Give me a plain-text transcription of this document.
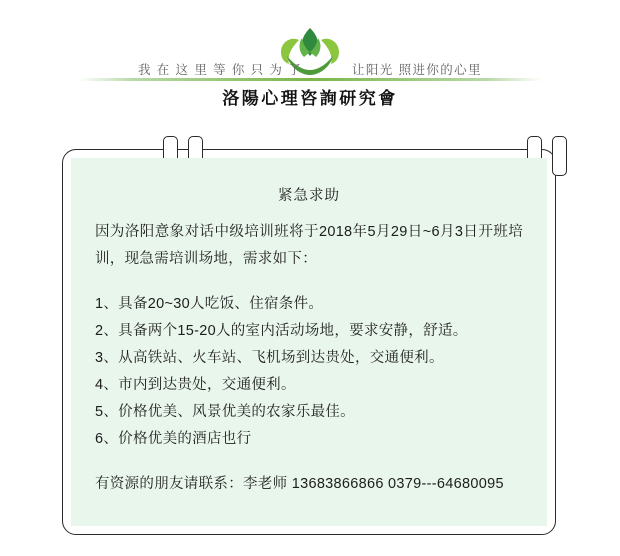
我 在 这 里 等 你 只 为 了	让阳光 照进你的心里
洛陽心理咨詢研究會

紧急求助

因为洛阳意象对话中级培训班将于2018年5月29日~6月3日开班培训，现急需培训场地，需求如下：

1、具备20~30人吃饭、住宿条件。
2、具备两个15-20人的室内活动场地，要求安静，舒适。
3、从高铁站、火车站、飞机场到达贵处，交通便利。
4、市内到达贵处，交通便利。
5、价格优美、风景优美的农家乐最佳。
6、价格优美的酒店也行

有资源的朋友请联系：李老师 13683866866 0379---64680095
